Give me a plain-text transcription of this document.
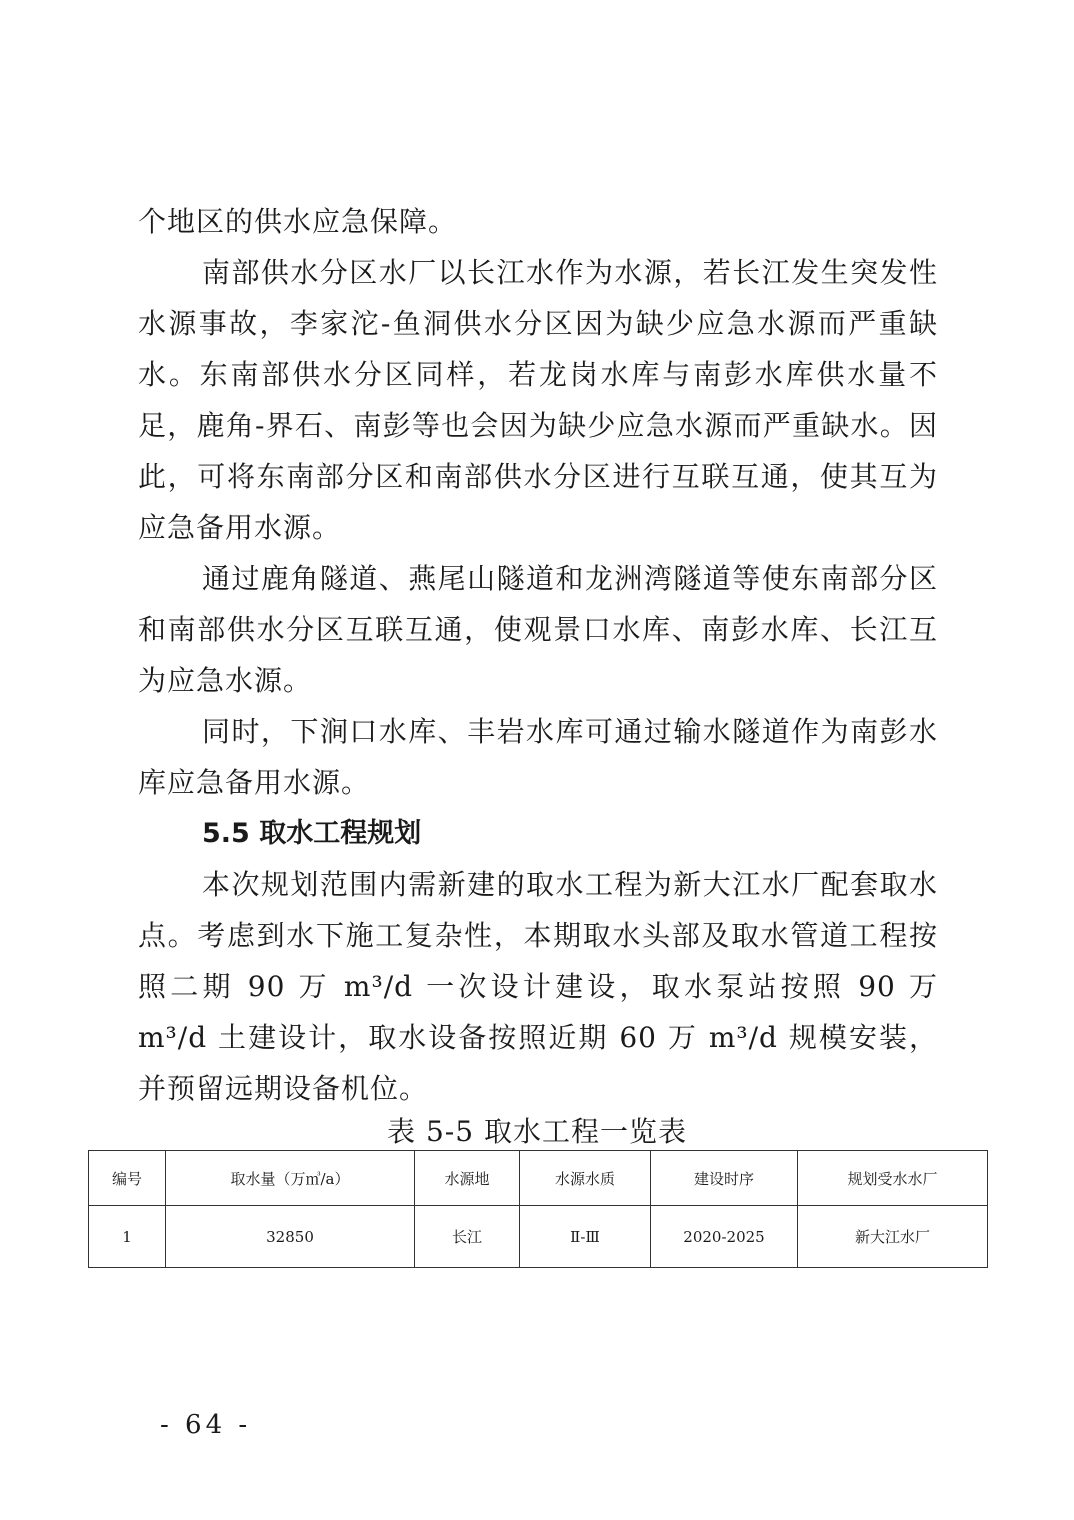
个地区的供水应急保障。

南部供水分区水厂以长江水作为水源，若长江发生突发性水源事故，李家沱-鱼洞供水分区因为缺少应急水源而严重缺水。东南部供水分区同样，若龙岗水库与南彭水库供水量不足，鹿角-界石、南彭等也会因为缺少应急水源而严重缺水。因此，可将东南部分区和南部供水分区进行互联互通，使其互为应急备用水源。

通过鹿角隧道、燕尾山隧道和龙洲湾隧道等使东南部分区和南部供水分区互联互通，使观景口水库、南彭水库、长江互为应急水源。

同时，下涧口水库、丰岩水库可通过输水隧道作为南彭水库应急备用水源。

5.5 取水工程规划

本次规划范围内需新建的取水工程为新大江水厂配套取水点。考虑到水下施工复杂性，本期取水头部及取水管道工程按照二期 90 万 m³/d 一次设计建设，取水泵站按照 90 万 m³/d 土建设计，取水设备按照近期 60 万 m³/d 规模安装，并预留远期设备机位。

表 5-5 取水工程一览表
编号	取水量（万㎥/a）	水源地	水源水质	建设时序	规划受水水厂
1	32850	长江	Ⅱ-Ⅲ	2020-2025	新大江水厂
- 64 -
